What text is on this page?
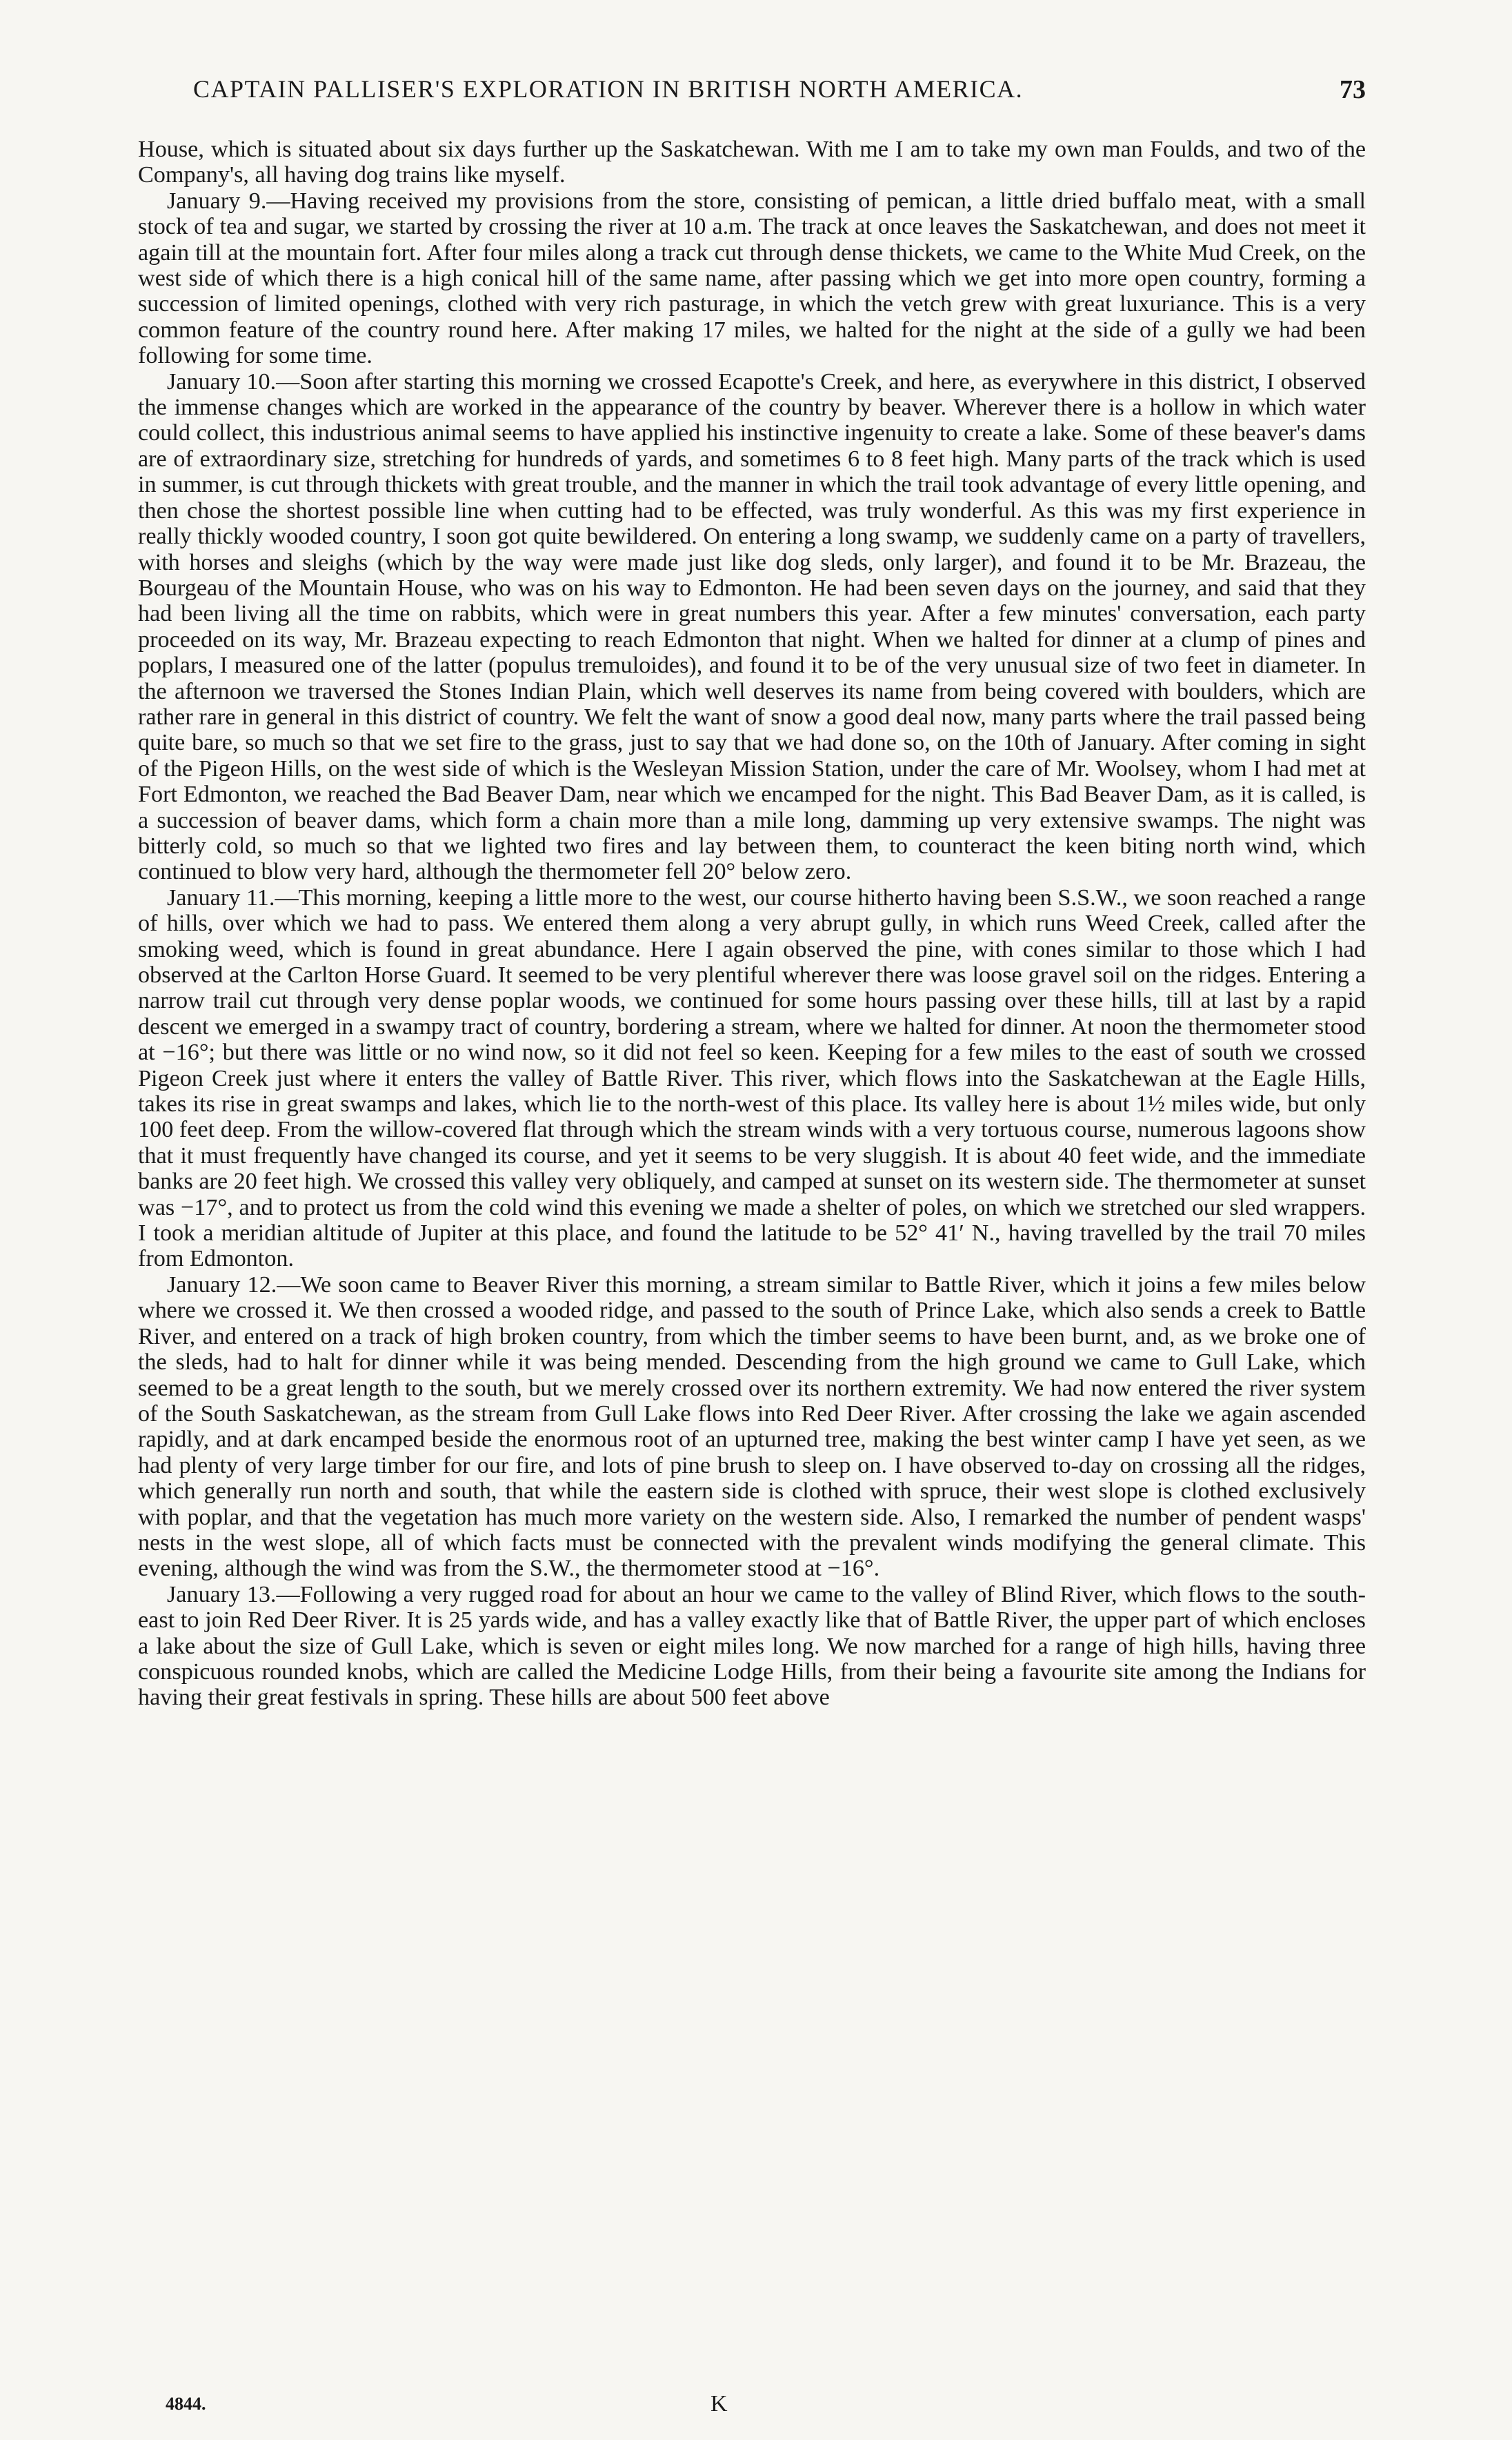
CAPTAIN PALLISER'S EXPLORATION IN BRITISH NORTH AMERICA.	73

House, which is situated about six days further up the Saskatchewan. With me I am to take my own man Foulds, and two of the Company's, all having dog trains like myself.

January 9.—Having received my provisions from the store, consisting of pemican, a little dried buffalo meat, with a small stock of tea and sugar, we started by crossing the river at 10 a.m. The track at once leaves the Saskatchewan, and does not meet it again till at the mountain fort. After four miles along a track cut through dense thickets, we came to the White Mud Creek, on the west side of which there is a high conical hill of the same name, after passing which we get into more open country, forming a succession of limited openings, clothed with very rich pasturage, in which the vetch grew with great luxuriance. This is a very common feature of the country round here. After making 17 miles, we halted for the night at the side of a gully we had been following for some time.

January 10.—Soon after starting this morning we crossed Ecapotte's Creek, and here, as everywhere in this district, I observed the immense changes which are worked in the appearance of the country by beaver. Wherever there is a hollow in which water could collect, this industrious animal seems to have applied his instinctive ingenuity to create a lake. Some of these beaver's dams are of extraordinary size, stretching for hundreds of yards, and sometimes 6 to 8 feet high. Many parts of the track which is used in summer, is cut through thickets with great trouble, and the manner in which the trail took advantage of every little opening, and then chose the shortest possible line when cutting had to be effected, was truly wonderful. As this was my first experience in really thickly wooded country, I soon got quite bewildered. On entering a long swamp, we suddenly came on a party of travellers, with horses and sleighs (which by the way were made just like dog sleds, only larger), and found it to be Mr. Brazeau, the Bourgeau of the Mountain House, who was on his way to Edmonton. He had been seven days on the journey, and said that they had been living all the time on rabbits, which were in great numbers this year. After a few minutes' conversation, each party proceeded on its way, Mr. Brazeau expecting to reach Edmonton that night. When we halted for dinner at a clump of pines and poplars, I measured one of the latter (populus tremuloides), and found it to be of the very unusual size of two feet in diameter. In the afternoon we traversed the Stones Indian Plain, which well deserves its name from being covered with boulders, which are rather rare in general in this district of country. We felt the want of snow a good deal now, many parts where the trail passed being quite bare, so much so that we set fire to the grass, just to say that we had done so, on the 10th of January. After coming in sight of the Pigeon Hills, on the west side of which is the Wesleyan Mission Station, under the care of Mr. Woolsey, whom I had met at Fort Edmonton, we reached the Bad Beaver Dam, near which we encamped for the night. This Bad Beaver Dam, as it is called, is a succession of beaver dams, which form a chain more than a mile long, damming up very extensive swamps. The night was bitterly cold, so much so that we lighted two fires and lay between them, to counteract the keen biting north wind, which continued to blow very hard, although the thermometer fell 20° below zero.

January 11.—This morning, keeping a little more to the west, our course hitherto having been S.S.W., we soon reached a range of hills, over which we had to pass. We entered them along a very abrupt gully, in which runs Weed Creek, called after the smoking weed, which is found in great abundance. Here I again observed the pine, with cones similar to those which I had observed at the Carlton Horse Guard. It seemed to be very plentiful wherever there was loose gravel soil on the ridges. Entering a narrow trail cut through very dense poplar woods, we continued for some hours passing over these hills, till at last by a rapid descent we emerged in a swampy tract of country, bordering a stream, where we halted for dinner. At noon the thermometer stood at −16°; but there was little or no wind now, so it did not feel so keen. Keeping for a few miles to the east of south we crossed Pigeon Creek just where it enters the valley of Battle River. This river, which flows into the Saskatchewan at the Eagle Hills, takes its rise in great swamps and lakes, which lie to the north-west of this place. Its valley here is about 1½ miles wide, but only 100 feet deep. From the willow-covered flat through which the stream winds with a very tortuous course, numerous lagoons show that it must frequently have changed its course, and yet it seems to be very sluggish. It is about 40 feet wide, and the immediate banks are 20 feet high. We crossed this valley very obliquely, and camped at sunset on its western side. The thermometer at sunset was −17°, and to protect us from the cold wind this evening we made a shelter of poles, on which we stretched our sled wrappers. I took a meridian altitude of Jupiter at this place, and found the latitude to be 52° 41′ N., having travelled by the trail 70 miles from Edmonton.

January 12.—We soon came to Beaver River this morning, a stream similar to Battle River, which it joins a few miles below where we crossed it. We then crossed a wooded ridge, and passed to the south of Prince Lake, which also sends a creek to Battle River, and entered on a track of high broken country, from which the timber seems to have been burnt, and, as we broke one of the sleds, had to halt for dinner while it was being mended. Descending from the high ground we came to Gull Lake, which seemed to be a great length to the south, but we merely crossed over its northern extremity. We had now entered the river system of the South Saskatchewan, as the stream from Gull Lake flows into Red Deer River. After crossing the lake we again ascended rapidly, and at dark encamped beside the enormous root of an upturned tree, making the best winter camp I have yet seen, as we had plenty of very large timber for our fire, and lots of pine brush to sleep on. I have observed to-day on crossing all the ridges, which generally run north and south, that while the eastern side is clothed with spruce, their west slope is clothed exclusively with poplar, and that the vegetation has much more variety on the western side. Also, I remarked the number of pendent wasps' nests in the west slope, all of which facts must be connected with the prevalent winds modifying the general climate. This evening, although the wind was from the S.W., the thermometer stood at −16°.

January 13.—Following a very rugged road for about an hour we came to the valley of Blind River, which flows to the south-east to join Red Deer River. It is 25 yards wide, and has a valley exactly like that of Battle River, the upper part of which encloses a lake about the size of Gull Lake, which is seven or eight miles long. We now marched for a range of high hills, having three conspicuous rounded knobs, which are called the Medicine Lodge Hills, from their being a favourite site among the Indians for having their great festivals in spring. These hills are about 500 feet above

4844.	K
